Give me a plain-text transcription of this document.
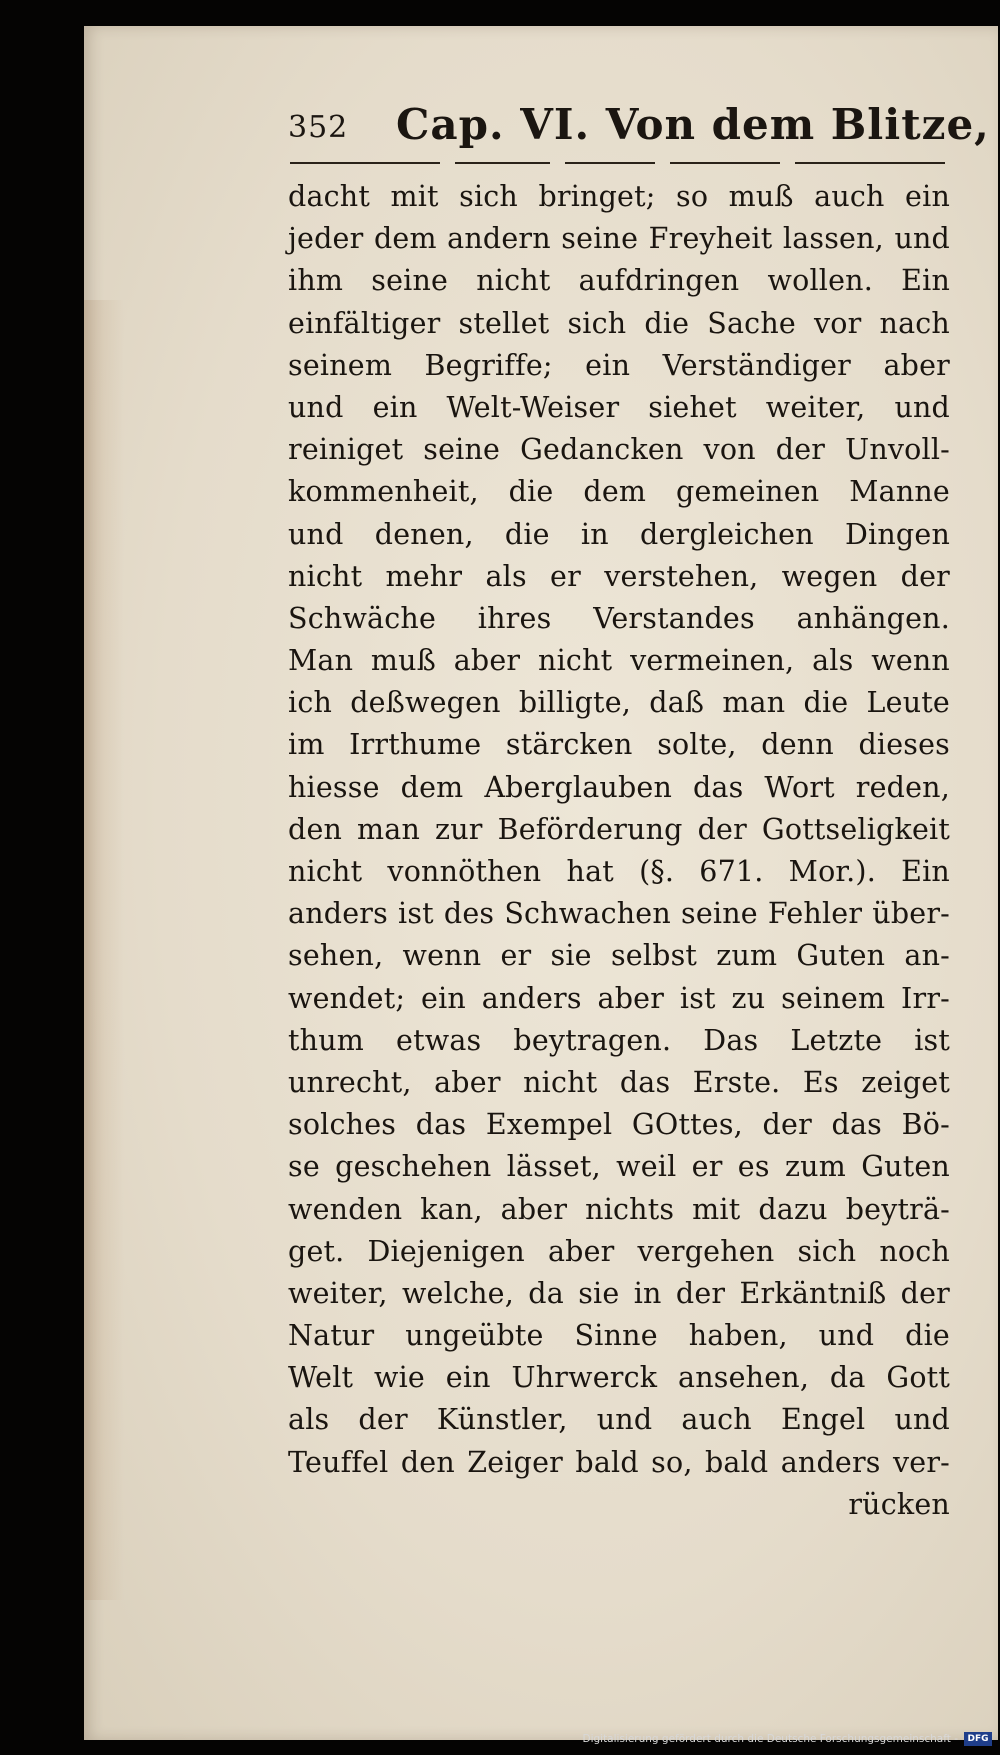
352 Cap. VI. Von dem Blitze,
dacht mit sich bringet; so muß auch ein
jeder dem andern seine Freyheit lassen, und
ihm seine nicht aufdringen wollen. Ein
einfältiger stellet sich die Sache vor nach
seinem Begriffe; ein Verständiger aber
und ein Welt-Weiser siehet weiter, und
reiniget seine Gedancken von der Unvoll-
kommenheit, die dem gemeinen Manne
und denen, die in dergleichen Dingen
nicht mehr als er verstehen, wegen der
Schwäche ihres Verstandes anhängen.
Man muß aber nicht vermeinen, als wenn
ich deßwegen billigte, daß man die Leute
im Irrthume stärcken solte, denn dieses
hiesse dem Aberglauben das Wort reden,
den man zur Beförderung der Gottseligkeit
nicht vonnöthen hat (§. 671. Mor.). Ein
anders ist des Schwachen seine Fehler über-
sehen, wenn er sie selbst zum Guten an-
wendet; ein anders aber ist zu seinem Irr-
thum etwas beytragen. Das Letzte ist
unrecht, aber nicht das Erste. Es zeiget
solches das Exempel GOttes, der das Bö-
se geschehen lässet, weil er es zum Guten
wenden kan, aber nichts mit dazu beyträ-
get. Diejenigen aber vergehen sich noch
weiter, welche, da sie in der Erkäntniß der
Natur ungeübte Sinne haben, und die
Welt wie ein Uhrwerck ansehen, da Gott
als der Künstler, und auch Engel und
Teuffel den Zeiger bald so, bald anders ver-
rücken
Digitalisierung gefördert durch die Deutsche Forschungsgemeinschaft -	DFG
